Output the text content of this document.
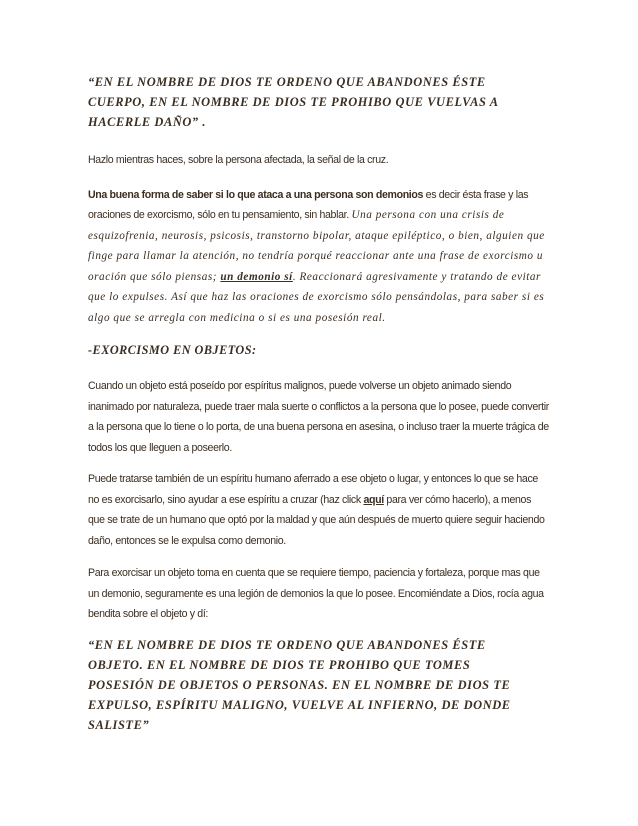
“EN EL NOMBRE DE DIOS TE ORDENO QUE ABANDONES ÉSTE
CUERPO, EN EL NOMBRE DE DIOS TE PROHIBO QUE VUELVAS A
HACERLE DAÑO” .

Hazlo mientras haces, sobre la persona afectada, la señal de la cruz.

Una buena forma de saber si lo que ataca a una persona son demonios es decir ésta frase y las oraciones de exorcismo, sólo en tu pensamiento, sin hablar. Una persona con una crisis de esquizofrenia, neurosis, psicosis, transtorno bipolar, ataque epiléptico, o bien, alguien que finge para llamar la atención, no tendría porqué reaccionar ante una frase de exorcismo u oración que sólo piensas; un demonio sí. Reaccionará agresivamente y tratando de evitar que lo expulses. Así que haz las oraciones de exorcismo sólo pensándolas, para saber si es algo que se arregla con medicina o si es una posesión real.

-EXORCISMO EN OBJETOS:

Cuando un objeto está poseído por espíritus malignos, puede volverse un objeto animado siendo inanimado por naturaleza, puede traer mala suerte o conflictos a la persona que lo posee, puede convertir a la persona que lo tiene o lo porta, de una buena persona en asesina, o incluso traer la muerte trágica de todos los que lleguen a poseerlo.

Puede tratarse también de un espíritu humano aferrado a ese objeto o lugar, y entonces lo que se hace no es exorcisarlo, sino ayudar a ese espíritu a cruzar (haz click aquí para ver cómo hacerlo), a menos que se trate de un humano que optó por la maldad y que aún después de muerto quiere seguir haciendo daño, entonces se le expulsa como demonio.

Para exorcisar un objeto toma en cuenta que se requiere tiempo, paciencia y fortaleza, porque mas que un demonio, seguramente es una legión de demonios la que lo posee. Encomiéndate a Dios, rocía agua bendita sobre el objeto y dí:

“EN EL NOMBRE DE DIOS TE ORDENO QUE ABANDONES ÉSTE
OBJETO. EN EL NOMBRE DE DIOS TE PROHIBO QUE TOMES
POSESIÓN DE OBJETOS O PERSONAS. EN EL NOMBRE DE DIOS TE
EXPULSO, ESPÍRITU MALIGNO, VUELVE AL INFIERNO, DE DONDE
SALISTE”
